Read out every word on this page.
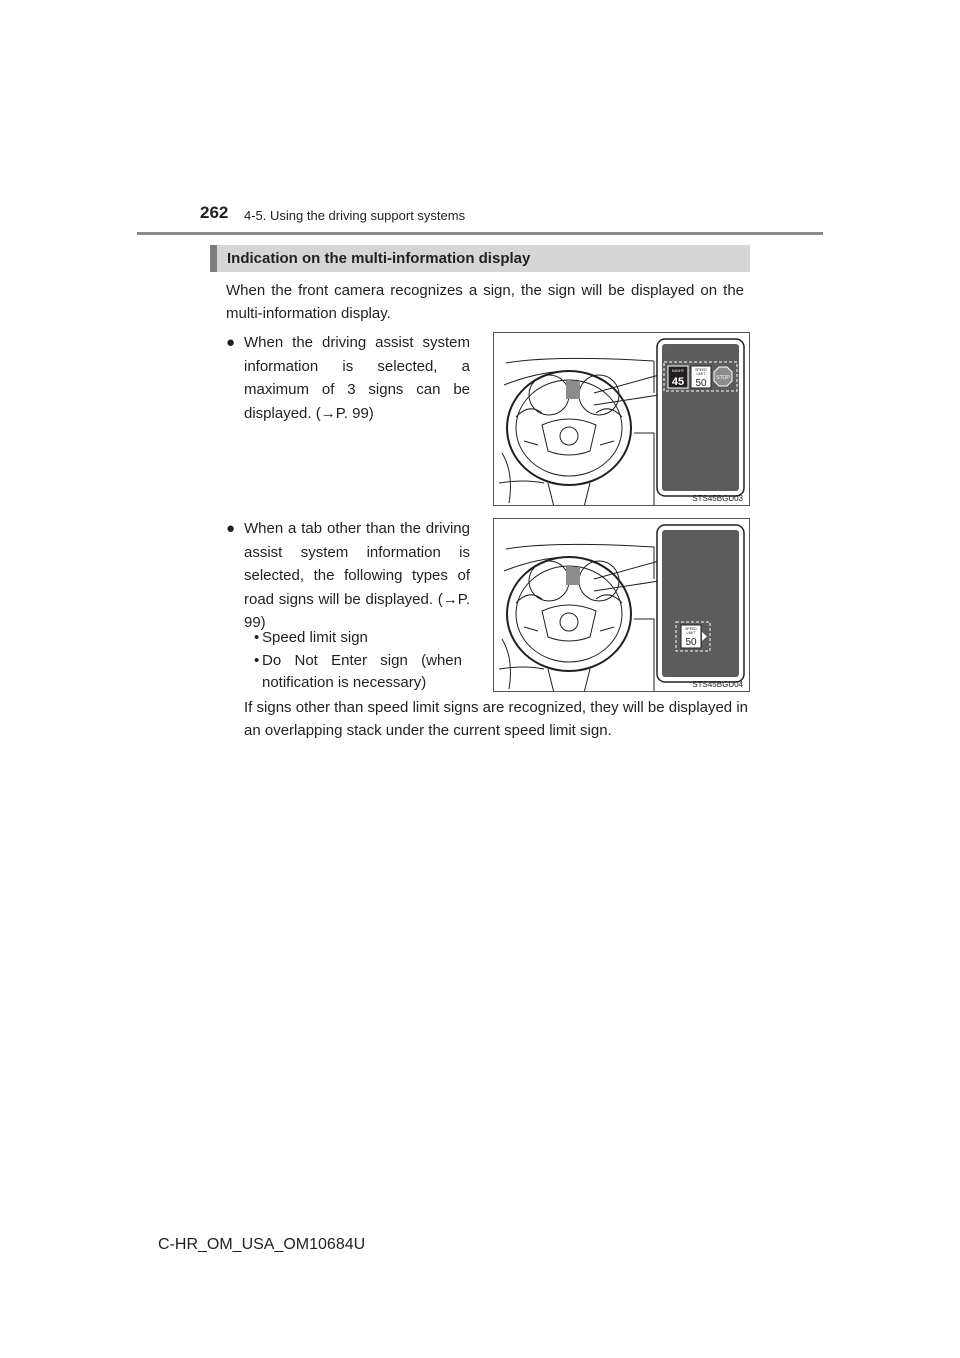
262 4-5. Using the driving support systems
Indication on the multi-information display
When the front camera recognizes a sign, the sign will be displayed on the multi-information display.
● When the driving assist system information is selected, a maximum of 3 signs can be displayed. (→P. 99)
● When a tab other than the driving assist system information is selected, the following types of road signs will be displayed. (→P. 99)
• Speed limit sign
• Do Not Enter sign (when notification is necessary)
If signs other than speed limit signs are recognized, they will be displayed in an overlapping stack under the current speed limit sign.
NIGHT
45
SPEED
LIMIT
50 STOP
STS45BGU03
SPEED
LIMIT
50
STS45BGU04
C-HR_OM_USA_OM10684U
